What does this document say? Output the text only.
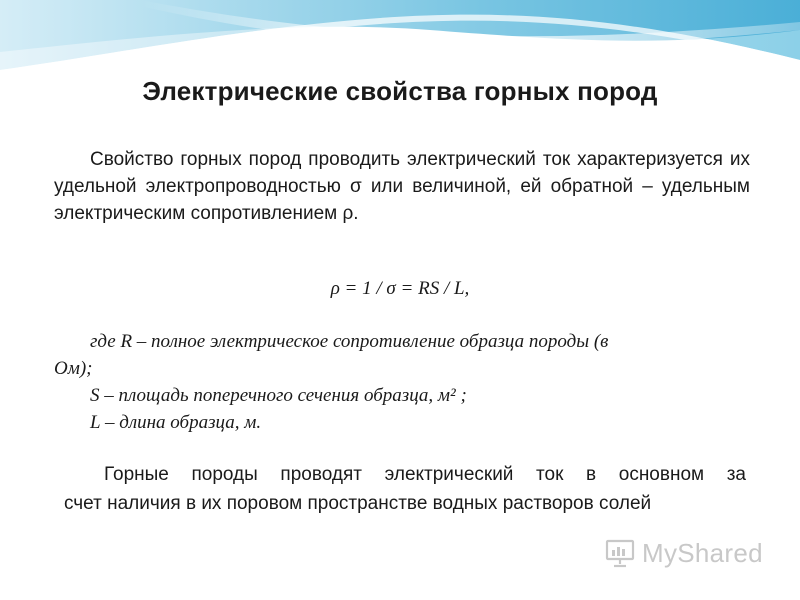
Электрические свойства горных пород
Свойство горных пород проводить электрический ток характеризуется их удельной электропроводностью σ или величиной, ей обратной – удельным электрическим сопротивлением ρ.
ρ = 1 / σ = RS / L,
где R – полное электрическое сопротивление образца породы (в
Ом);
S – площадь поперечного сечения образца, м² ;
L – длина образца, м.
Горные породы проводят электрический ток в основном за
счет наличия в их поровом пространстве водных растворов солей
MyShared
